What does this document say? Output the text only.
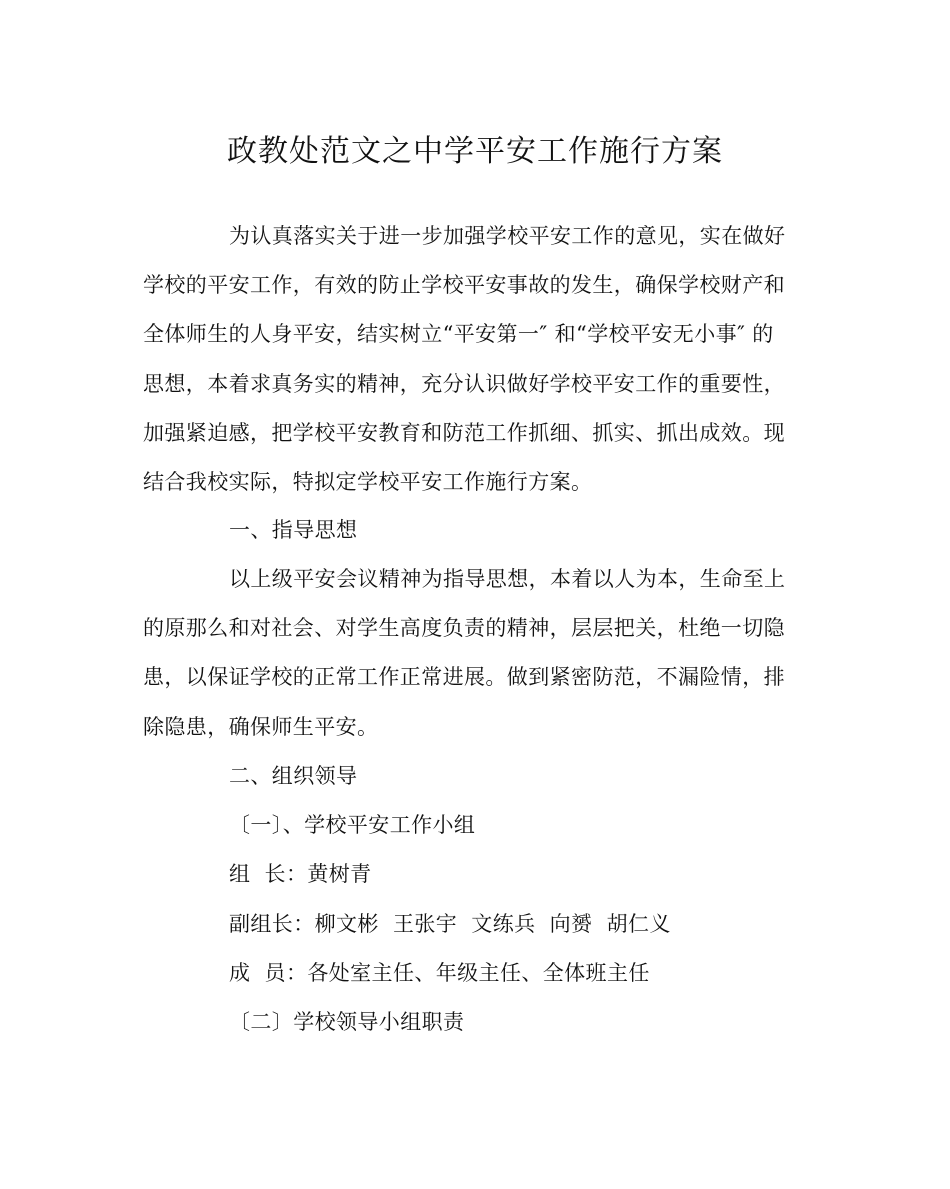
政教处范文之中学平安工作施行方案
为认真落实关于进一步加强学校平安工作的意见，实在做好
学校的平安工作，有效的防止学校平安事故的发生，确保学校财产和
全体师生的人身平安，结实树立“平安第一″ 和“学校平安无小事″ 的
思想，本着求真务实的精神，充分认识做好学校平安工作的重要性，
加强紧迫感，把学校平安教育和防范工作抓细、抓实、抓出成效。现
结合我校实际，特拟定学校平安工作施行方案。
一、指导思想
以上级平安会议精神为指导思想，本着以人为本，生命至上
的原那么和对社会、对学生高度负责的精神，层层把关，杜绝一切隐
患，以保证学校的正常工作正常进展。做到紧密防范，不漏险情，排
除隐患，确保师生平安。
二、组织领导
〔一〕、学校平安工作小组
组  长：黄树青
副组长：柳文彬  王张宇  文练兵  向赟  胡仁义
成  员：各处室主任、年级主任、全体班主任
〔二〕学校领导小组职责
